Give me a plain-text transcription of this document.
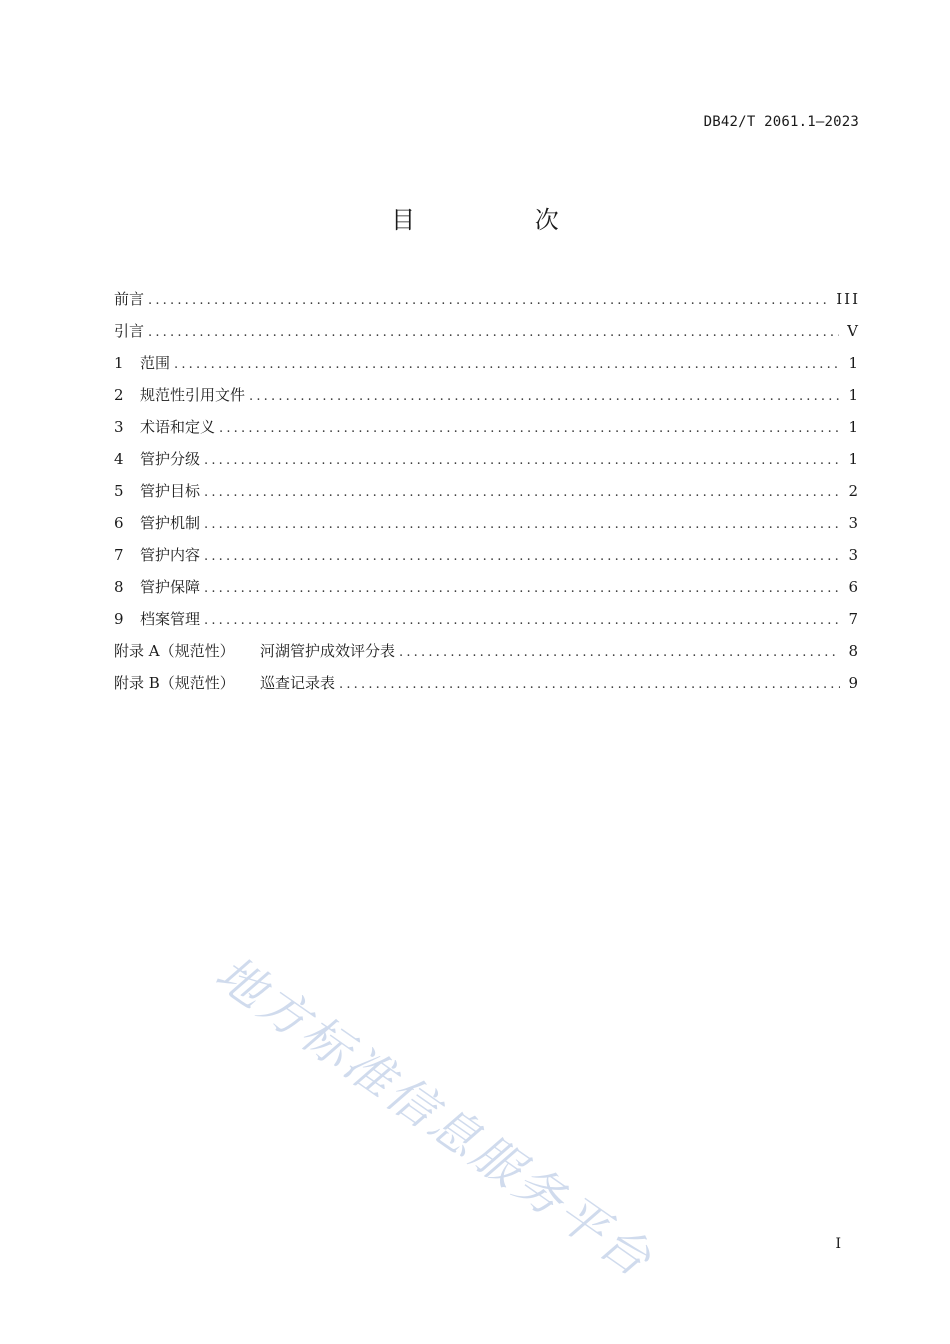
DB42/T 2061.1—2023
目 次
前言 .....	III
引言 .....	V
1	范围 .....	1
2	规范性引用文件 .....	1
3	术语和定义 .....	1
4	管护分级 .....	1
5	管护目标 .....	2
6	管护机制 .....	3
7	管护内容 .....	3
8	管护保障 .....	6
9	档案管理 .....	7
附录 A（规范性）	河湖管护成效评分表 .....	8
附录 B（规范性）	巡查记录表 .....	9
地方标准信息服务平台	I
